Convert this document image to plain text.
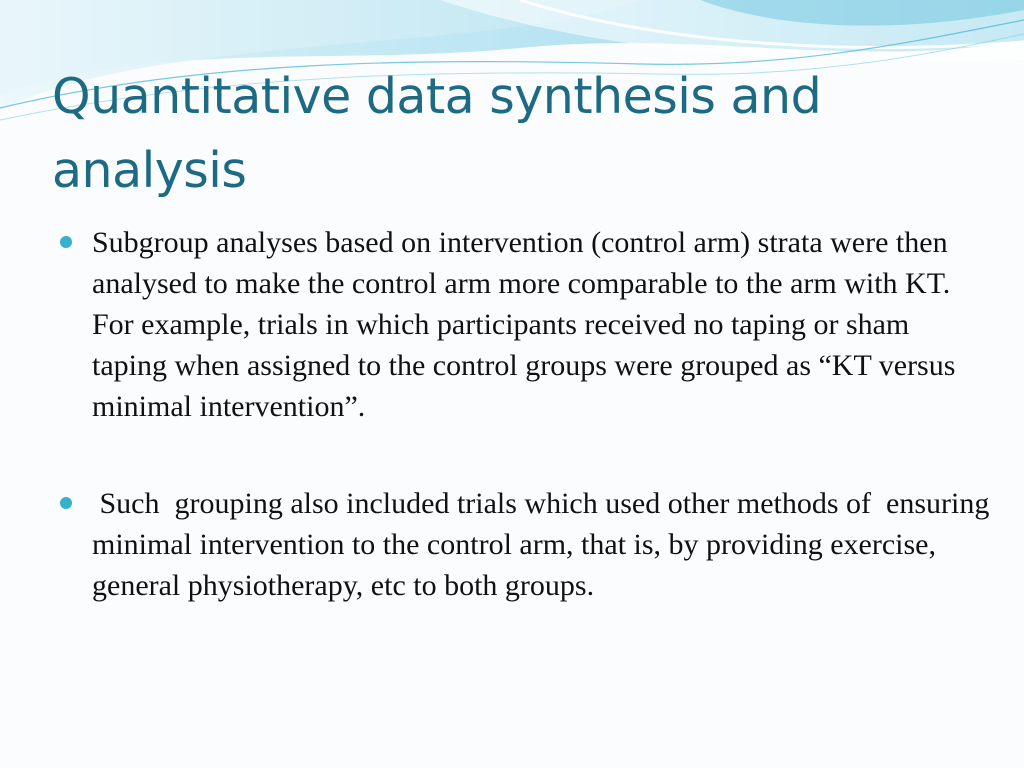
Quantitative data synthesis and analysis
Subgroup analyses based on intervention (control arm) strata were then analysed to make the control arm more comparable to the arm with KT. For example, trials in which participants received no taping or sham taping when assigned to the control groups were grouped as “KT versus minimal intervention”.
Such  grouping also included trials which used other methods of  ensuring minimal intervention to the control arm, that is, by providing exercise, general physiotherapy, etc to both groups.
